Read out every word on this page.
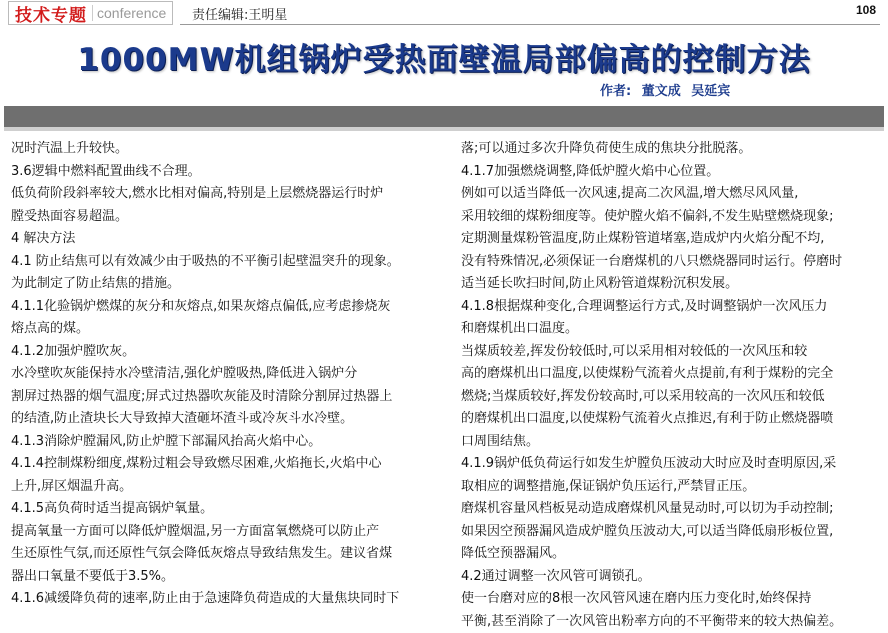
技术专题 conference	责任编辑:王明星	108
1000MW机组锅炉受热面壁温局部偏高的控制方法
作者: 董文成 吴延宾
况时汽温上升较快。
3.6逻辑中燃料配置曲线不合理。
低负荷阶段斜率较大,燃水比相对偏高,特别是上层燃烧器运行时炉
膛受热面容易超温。
4 解决方法
4.1 防止结焦可以有效减少由于吸热的不平衡引起壁温突升的现象。
为此制定了防止结焦的措施。
4.1.1化验锅炉燃煤的灰分和灰熔点,如果灰熔点偏低,应考虑掺烧灰
熔点高的煤。
4.1.2加强炉膛吹灰。
水冷壁吹灰能保持水冷壁清洁,强化炉膛吸热,降低进入锅炉分
割屏过热器的烟气温度;屏式过热器吹灰能及时清除分割屏过热器上
的结渣,防止渣块长大导致掉大渣砸坏渣斗或冷灰斗水冷壁。
4.1.3消除炉膛漏风,防止炉膛下部漏风抬高火焰中心。
4.1.4控制煤粉细度,煤粉过粗会导致燃尽困难,火焰拖长,火焰中心
上升,屏区烟温升高。
4.1.5高负荷时适当提高锅炉氧量。
提高氧量一方面可以降低炉膛烟温,另一方面富氧燃烧可以防止产
生还原性气氛,而还原性气氛会降低灰熔点导致结焦发生。建议省煤
器出口氧量不要低于3.5%。
4.1.6减缓降负荷的速率,防止由于急速降负荷造成的大量焦块同时下
落;可以通过多次升降负荷使生成的焦块分批脱落。
4.1.7加强燃烧调整,降低炉膛火焰中心位置。
例如可以适当降低一次风速,提高二次风温,增大燃尽风风量,
采用较细的煤粉细度等。使炉膛火焰不偏斜,不发生贴壁燃烧现象;
定期测量煤粉管温度,防止煤粉管道堵塞,造成炉内火焰分配不均,
没有特殊情况,必须保证一台磨煤机的八只燃烧器同时运行。停磨时
适当延长吹扫时间,防止风粉管道煤粉沉积发展。
4.1.8根据煤种变化,合理调整运行方式,及时调整锅炉一次风压力
和磨煤机出口温度。
当煤质较差,挥发份较低时,可以采用相对较低的一次风压和较
高的磨煤机出口温度,以使煤粉气流着火点提前,有利于煤粉的完全
燃烧;当煤质较好,挥发份较高时,可以采用较高的一次风压和较低
的磨煤机出口温度,以使煤粉气流着火点推迟,有利于防止燃烧器喷
口周围结焦。
4.1.9锅炉低负荷运行如发生炉膛负压波动大时应及时查明原因,采
取相应的调整措施,保证锅炉负压运行,严禁冒正压。
磨煤机容量风档板晃动造成磨煤机风量晃动时,可以切为手动控制;
如果因空预器漏风造成炉膛负压波动大,可以适当降低扇形板位置,
降低空预器漏风。
4.2通过调整一次风管可调锁孔。
使一台磨对应的8根一次风管风速在磨内压力变化时,始终保持
平衡,甚至消除了一次风管出粉率方向的不平衡带来的较大热偏差。
